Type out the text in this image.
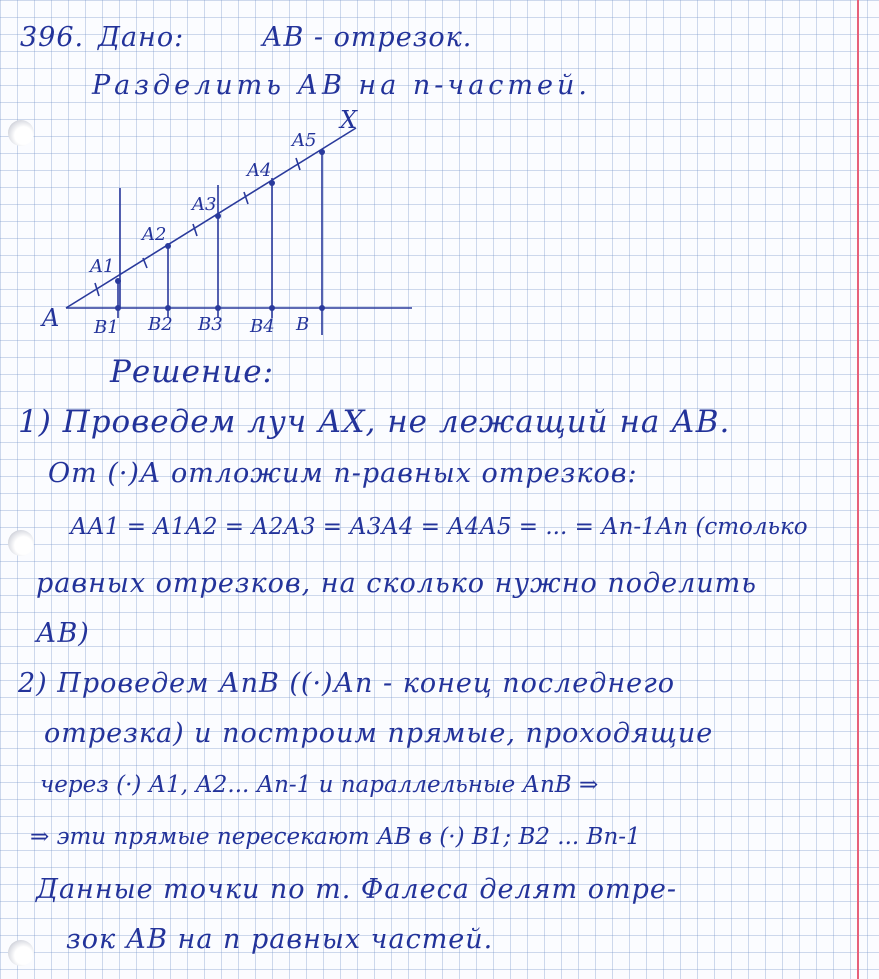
396. Дано:	АВ - отрезок.
Разделить АВ на n-частей.
X
A
A1
A2
A3
A4
A5
B1 B2 B3 B4 B
Решение:
1) Проведем луч АХ, не лежащий на АВ.
От (·)А отложим n-равных отрезков:
АА1 = А1А2 = А2А3 = А3А4 = А4А5 = ... = Аn-1Аn (столько
равных отрезков, на сколько нужно поделить
АВ)
2) Проведем АnВ ((·)Аn - конец последнего
отрезка) и построим прямые, проходящие
через (·) А1, А2... Аn-1 и параллельные АnВ ⇒
⇒ эти прямые пересекают АВ в (·) В1; В2 ... Вn-1
Данные точки по т. Фалеса делят отре-
зок АВ на n равных частей.
